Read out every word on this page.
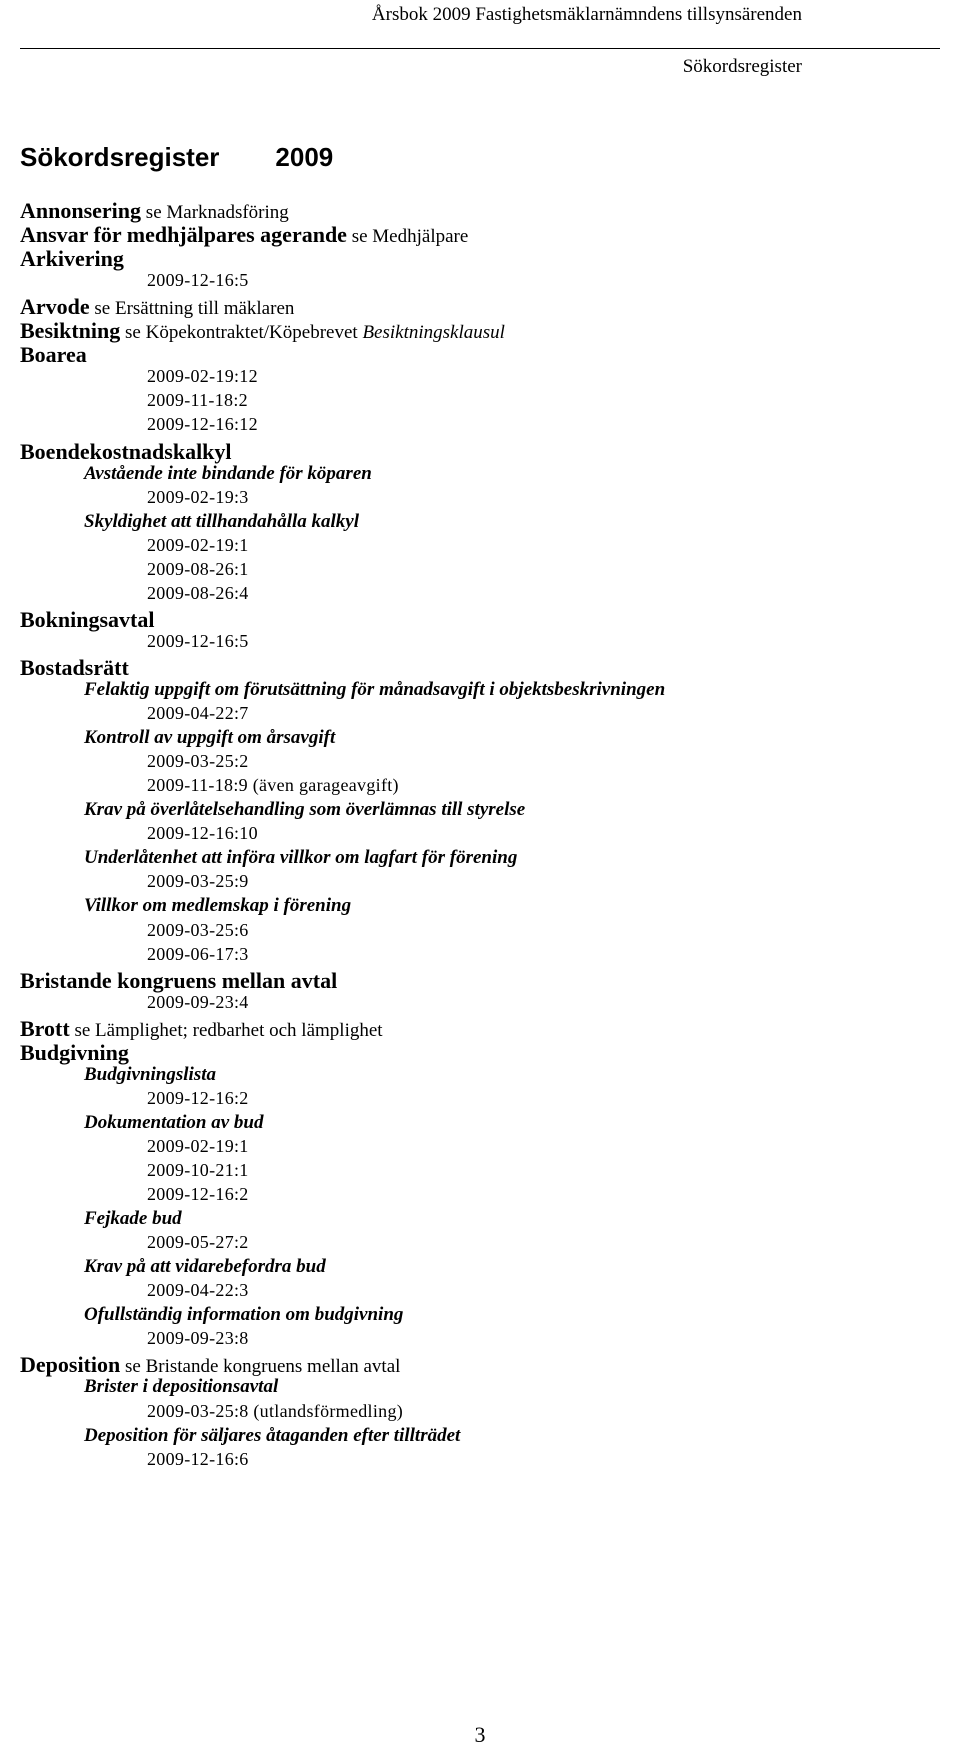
Årsbok 2009 Fastighetsmäklarnämndens tillsynsärenden
Sökordsregister
Sökordsregister 2009
Annonsering se Marknadsföring
Ansvar för medhjälpares agerande se Medhjälpare
Arkivering
2009-12-16:5
Arvode se Ersättning till mäklaren
Besiktning se Köpekontraktet/Köpebrevet Besiktningsklausul
Boarea
2009-02-19:12
2009-11-18:2
2009-12-16:12
Boendekostnadskalkyl
Avstående inte bindande för köparen
2009-02-19:3
Skyldighet att tillhandahålla kalkyl
2009-02-19:1
2009-08-26:1
2009-08-26:4
Bokningsavtal
2009-12-16:5
Bostadsrätt
Felaktig uppgift om förutsättning för månadsavgift i objektsbeskrivningen
2009-04-22:7
Kontroll av uppgift om årsavgift
2009-03-25:2
2009-11-18:9 (även garageavgift)
Krav på överlåtelsehandling som överlämnas till styrelse
2009-12-16:10
Underlåtenhet att införa villkor om lagfart för förening
2009-03-25:9
Villkor om medlemskap i förening
2009-03-25:6
2009-06-17:3
Bristande kongruens mellan avtal
2009-09-23:4
Brott se Lämplighet; redbarhet och lämplighet
Budgivning
Budgivningslista
2009-12-16:2
Dokumentation av bud
2009-02-19:1
2009-10-21:1
2009-12-16:2
Fejkade bud
2009-05-27:2
Krav på att vidarebefordra bud
2009-04-22:3
Ofullständig information om budgivning
2009-09-23:8
Deposition se Bristande kongruens mellan avtal
Brister i depositionsavtal
2009-03-25:8 (utlandsförmedling)
Deposition för säljares åtaganden efter tillträdet
2009-12-16:6
3
